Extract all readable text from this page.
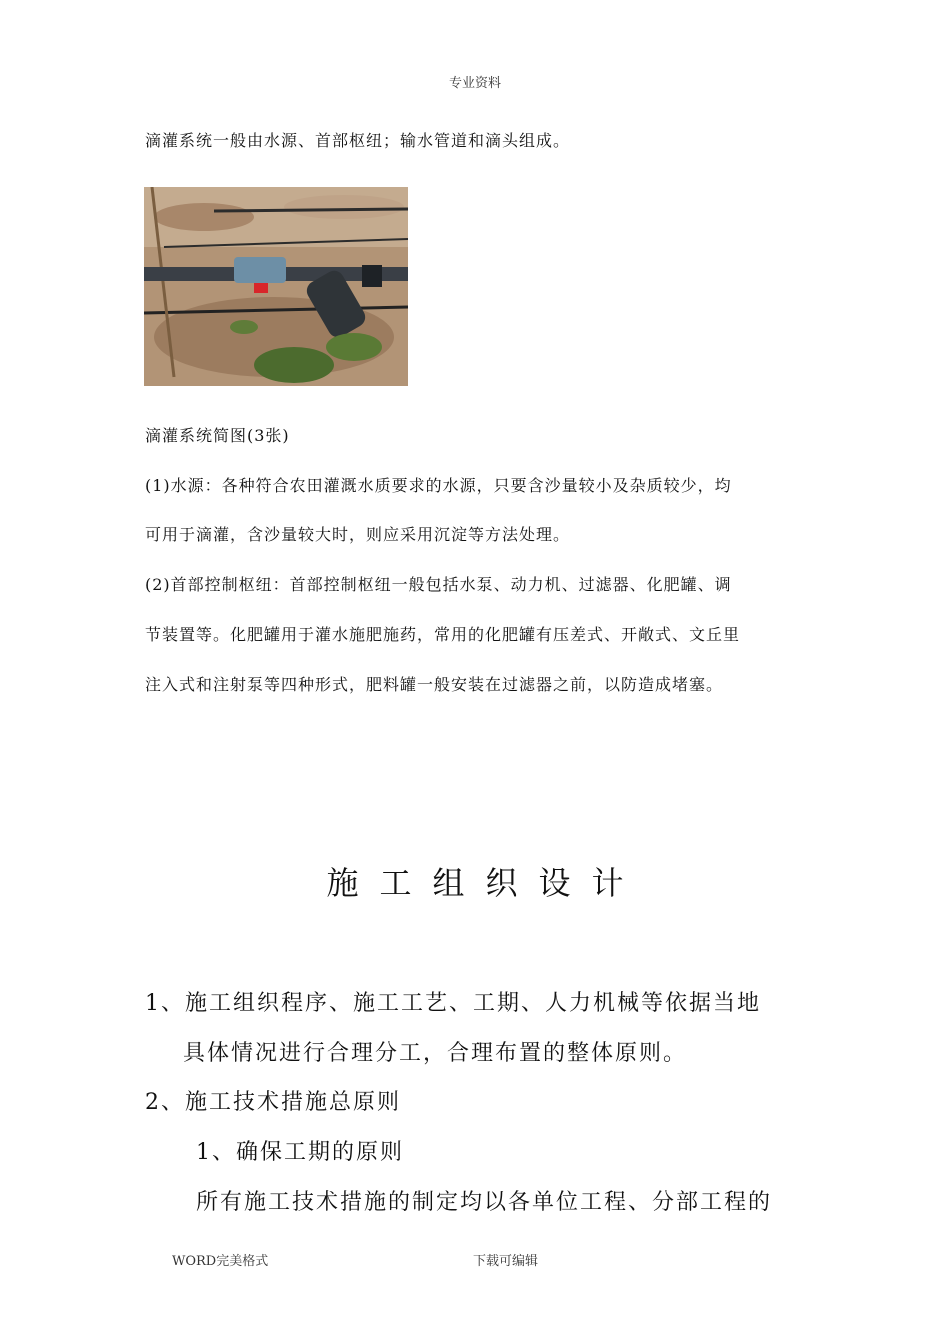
专业资料
滴灌系统一般由水源、首部枢纽；输水管道和滴头组成。
滴灌系统简图(3张)
(1)水源：各种符合农田灌溉水质要求的水源，只要含沙量较小及杂质较少，均
可用于滴灌，含沙量较大时，则应采用沉淀等方法处理。
(2)首部控制枢纽：首部控制枢纽一般包括水泵、动力机、过滤器、化肥罐、调
节装置等。化肥罐用于灌水施肥施药，常用的化肥罐有压差式、开敞式、文丘里
注入式和注射泵等四种形式，肥料罐一般安装在过滤器之前，以防造成堵塞。
施工组织设计
1、施工组织程序、施工工艺、工期、人力机械等依据当地
具体情况进行合理分工，合理布置的整体原则。
2、施工技术措施总原则
1、确保工期的原则
所有施工技术措施的制定均以各单位工程、分部工程的
WORD完美格式	下载可编辑
